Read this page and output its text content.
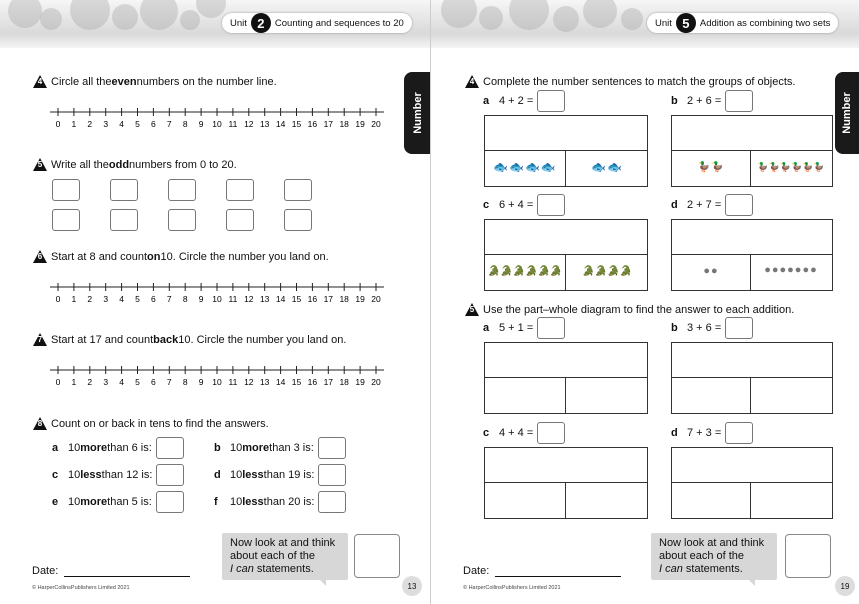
Unit 2	Counting and sequences to 20
Number
4 Circle all the even numbers on the number line.
0 1 2 3 4 5 6 7 8 9 10 11 12 13 14 15 16 17 18 19 20
5 Write all the odd numbers from 0 to 20.
6 Start at 8 and count on 10. Circle the number you land on.
0 1 2 3 4 5 6 7 8 9 10 11 12 13 14 15 16 17 18 19 20
7 Start at 17 and count back 10. Circle the number you land on.
0 1 2 3 4 5 6 7 8 9 10 11 12 13 14 15 16 17 18 19 20
8 Count on or back in tens to find the answers.
a 10 more than 6 is:	b 10 more than 3 is:
c 10 less than 12 is:	d 10 less than 19 is:
e 10 more than 5 is:	f	10 less than 20 is:
Date:
Now look at and think
about each of the
I can statements.
© HarperCollinsPublishers Limited 2021	13
Unit 5	Addition as combining two sets
Number
4 Complete the number sentences to match the groups of objects.
a 4 + 2 =	b 2 + 6 =
🐟🐟🐟🐟	🐟🐟	🦆🦆	🦆🦆🦆🦆🦆🦆
c 6 + 4 =	d 2 + 7 =
🐊🐊🐊🐊🐊🐊	🐊🐊🐊🐊	●●	●●●●●●●
5 Use the part–whole diagram to find the answer to each addition.
a 5 + 1 =	b 3 + 6 =
c 4 + 4 =	d 7 + 3 =
Date:
Now look at and think
about each of the
I can statements.
© HarperCollinsPublishers Limited 2021	19
